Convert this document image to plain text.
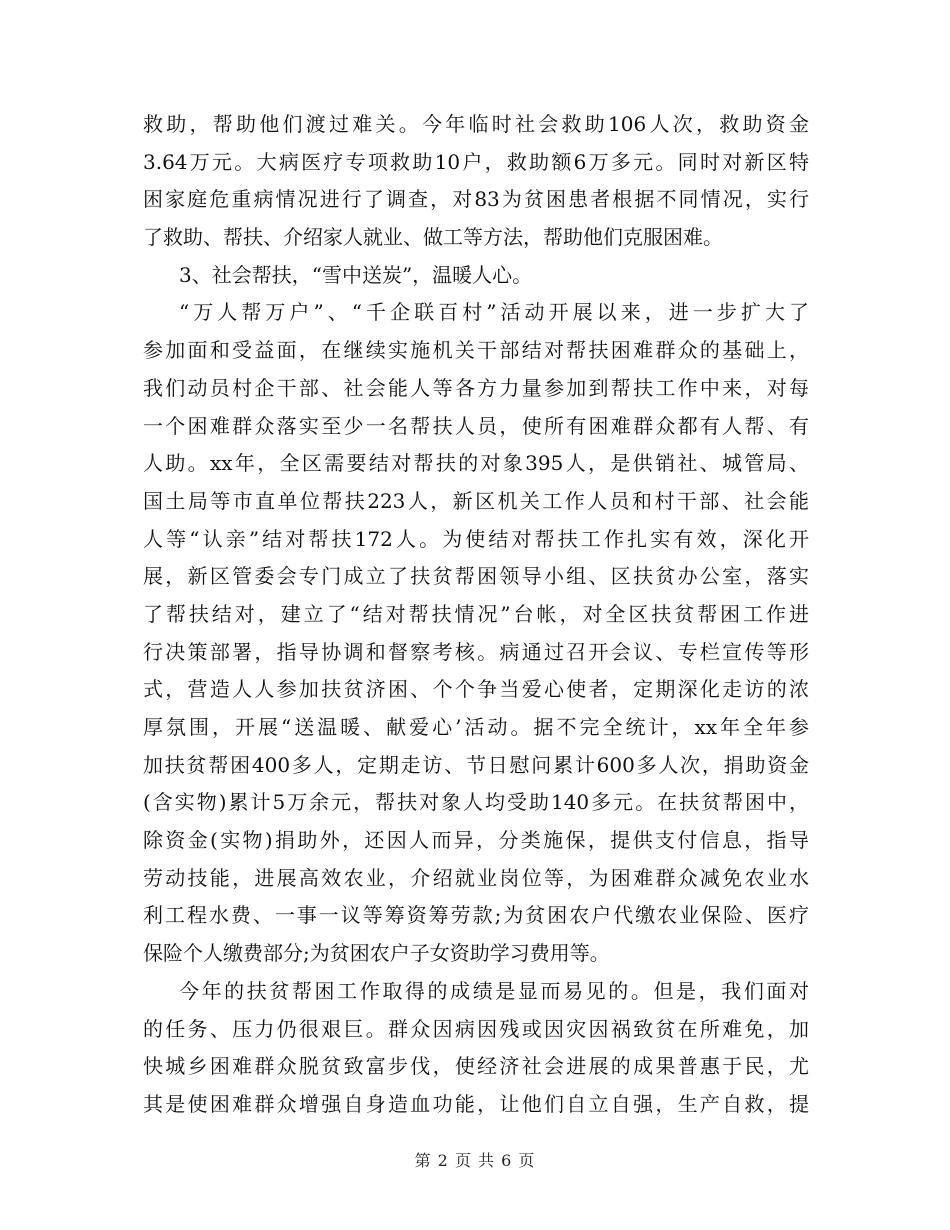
救助，帮助他们渡过难关。今年临时社会救助106人次，救助资金
3.64万元。大病医疗专项救助10户，救助额6万多元。同时对新区特
困家庭危重病情况进行了调查，对83为贫困患者根据不同情况，实行
了救助、帮扶、介绍家人就业、做工等方法，帮助他们克服困难。
3、社会帮扶，“雪中送炭”，温暖人心。
“万人帮万户”、“千企联百村”活动开展以来，进一步扩大了
参加面和受益面，在继续实施机关干部结对帮扶困难群众的基础上，
我们动员村企干部、社会能人等各方力量参加到帮扶工作中来，对每
一个困难群众落实至少一名帮扶人员，使所有困难群众都有人帮、有
人助。xx年，全区需要结对帮扶的对象395人，是供销社、城管局、
国土局等市直单位帮扶223人，新区机关工作人员和村干部、社会能
人等“认亲”结对帮扶172人。为使结对帮扶工作扎实有效，深化开
展，新区管委会专门成立了扶贫帮困领导小组、区扶贫办公室，落实
了帮扶结对，建立了“结对帮扶情况”台帐，对全区扶贫帮困工作进
行决策部署，指导协调和督察考核。病通过召开会议、专栏宣传等形
式，营造人人参加扶贫济困、个个争当爱心使者，定期深化走访的浓
厚氛围，开展“送温暖、献爱心’活动。据不完全统计，xx年全年参
加扶贫帮困400多人，定期走访、节日慰问累计600多人次，捐助资金
(含实物)累计5万余元，帮扶对象人均受助140多元。在扶贫帮困中，
除资金(实物)捐助外，还因人而异，分类施保，提供支付信息，指导
劳动技能，进展高效农业，介绍就业岗位等，为困难群众减免农业水
利工程水费、一事一议等筹资筹劳款;为贫困农户代缴农业保险、医疗
保险个人缴费部分;为贫困农户子女资助学习费用等。
今年的扶贫帮困工作取得的成绩是显而易见的。但是，我们面对
的任务、压力仍很艰巨。群众因病因残或因灾因祸致贫在所难免，加
快城乡困难群众脱贫致富步伐，使经济社会进展的成果普惠于民，尤
其是使困难群众增强自身造血功能，让他们自立自强，生产自救，提
第 2 页 共 6 页
